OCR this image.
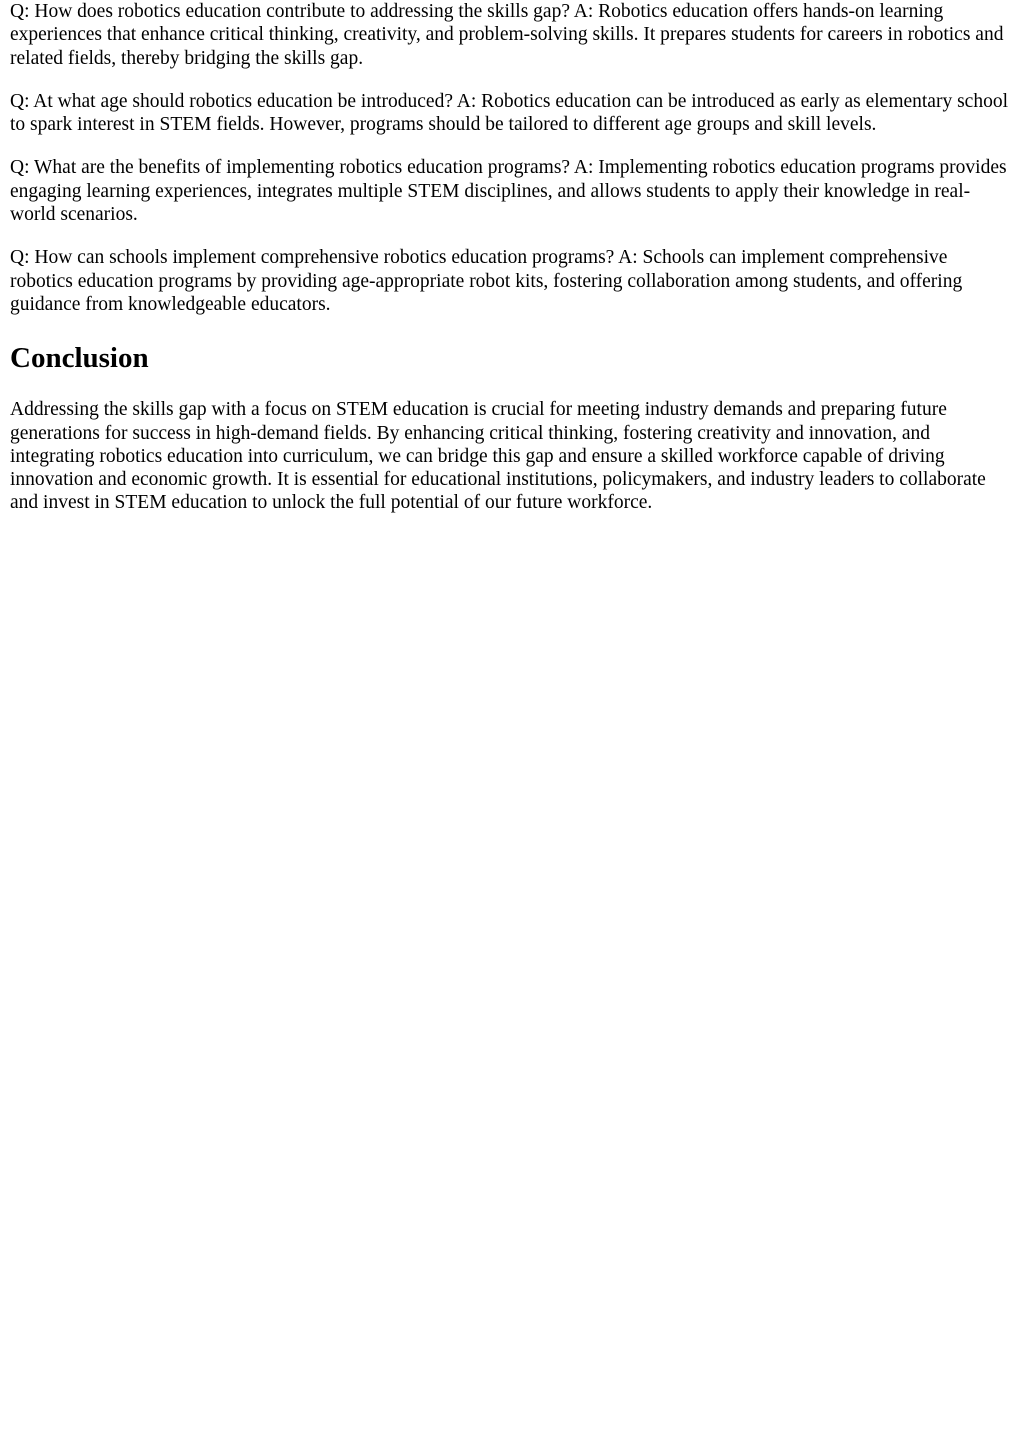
Q: How does robotics education contribute to addressing the skills gap? A: Robotics education offers hands-on learning experiences that enhance critical thinking, creativity, and problem-solving skills. It prepares students for careers in robotics and related fields, thereby bridging the skills gap.

Q: At what age should robotics education be introduced? A: Robotics education can be introduced as early as elementary school to spark interest in STEM fields. However, programs should be tailored to different age groups and skill levels.

Q: What are the benefits of implementing robotics education programs? A: Implementing robotics education programs provides engaging learning experiences, integrates multiple STEM disciplines, and allows students to apply their knowledge in real-world scenarios.

Q: How can schools implement comprehensive robotics education programs? A: Schools can implement comprehensive robotics education programs by providing age-appropriate robot kits, fostering collaboration among students, and offering guidance from knowledgeable educators.

Conclusion

Addressing the skills gap with a focus on STEM education is crucial for meeting industry demands and preparing future generations for success in high-demand fields. By enhancing critical thinking, fostering creativity and innovation, and integrating robotics education into curriculum, we can bridge this gap and ensure a skilled workforce capable of driving innovation and economic growth. It is essential for educational institutions, policymakers, and industry leaders to collaborate and invest in STEM education to unlock the full potential of our future workforce.
